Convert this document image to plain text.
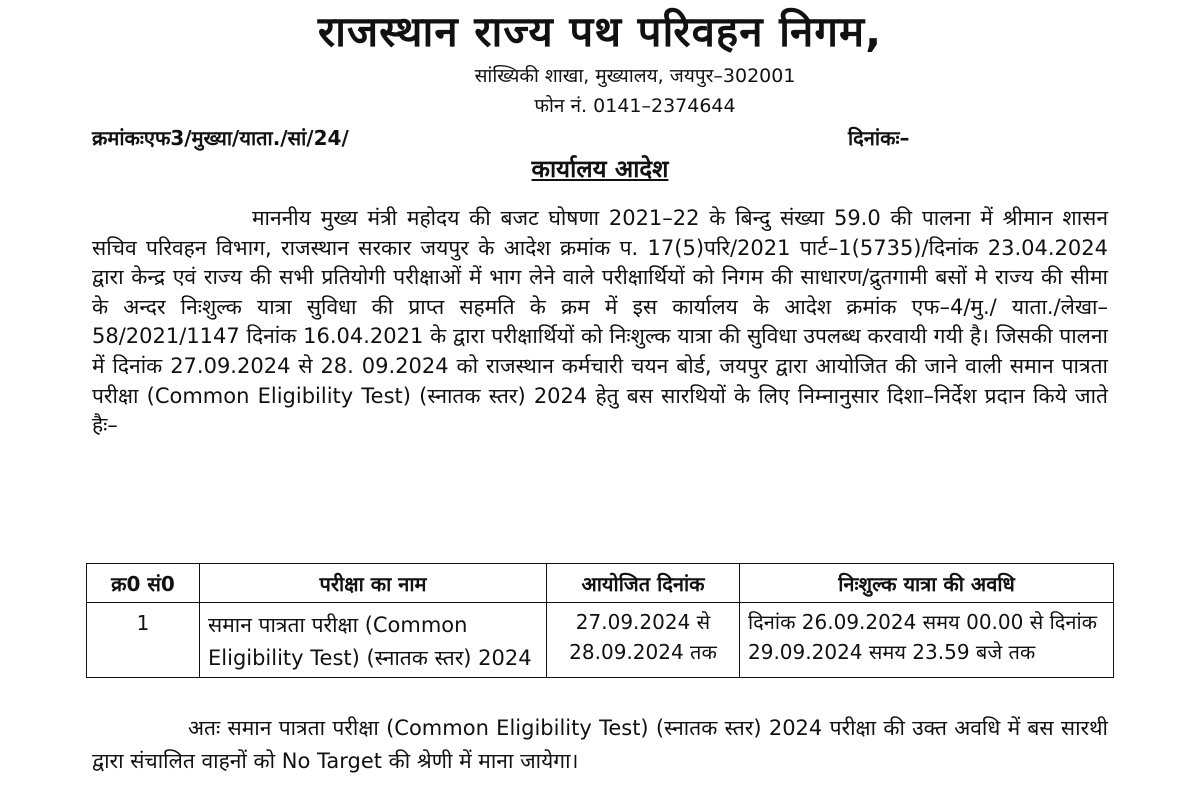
राजस्थान राज्य पथ परिवहन निगम,
सांख्यिकी शाखा, मुख्यालय, जयपुर–302001
फोन नं. 0141–2374644
क्रमांकःएफ3/मुख्या/याता./सां/24/	दिनांकः–
कार्यालय आदेश

माननीय मुख्य मंत्री महोदय की बजट घोषणा 2021–22 के बिन्दु संख्या 59.0 की पालना में श्रीमान शासन सचिव परिवहन विभाग, राजस्थान सरकार जयपुर के आदेश क्रमांक प. 17(5)परि/2021 पार्ट–1(5735)/दिनांक 23.04.2024 द्वारा केन्द्र एवं राज्य की सभी प्रतियोगी परीक्षाओं में भाग लेने वाले परीक्षार्थियों को निगम की साधारण/द्रुतगामी बसों मे राज्य की सीमा के अन्दर निःशुल्क यात्रा सुविधा की प्राप्त सहमति के क्रम में इस कार्यालय के आदेश क्रमांक एफ–4/मु./ याता./लेखा–58/2021/1147 दिनांक 16.04.2021 के द्वारा परीक्षार्थियों को निःशुल्क यात्रा की सुविधा उपलब्ध करवायी गयी है। जिसकी पालना में दिनांक 27.09.2024 से 28. 09.2024 को राजस्थान कर्मचारी चयन बोर्ड, जयपुर द्वारा आयोजित की जाने वाली समान पात्रता परीक्षा (Common Eligibility Test) (स्नातक स्तर) 2024 हेतु बस सारथियों के लिए निम्नानुसार दिशा–निर्देश प्रदान किये जाते हैः–

क्र0 सं0	परीक्षा का नाम	आयोजित दिनांक	निःशुल्क यात्रा की अवधि
1	समान पात्रता परीक्षा (Common Eligibility Test) (स्नातक स्तर) 2024	27.09.2024 से 28.09.2024 तक	दिनांक 26.09.2024 समय 00.00 से दिनांक 29.09.2024 समय 23.59 बजे तक

अतः समान पात्रता परीक्षा (Common Eligibility Test) (स्नातक स्तर) 2024 परीक्षा की उक्त अवधि में बस सारथी द्वारा संचालित वाहनों को No Target की श्रेणी में माना जायेगा।
